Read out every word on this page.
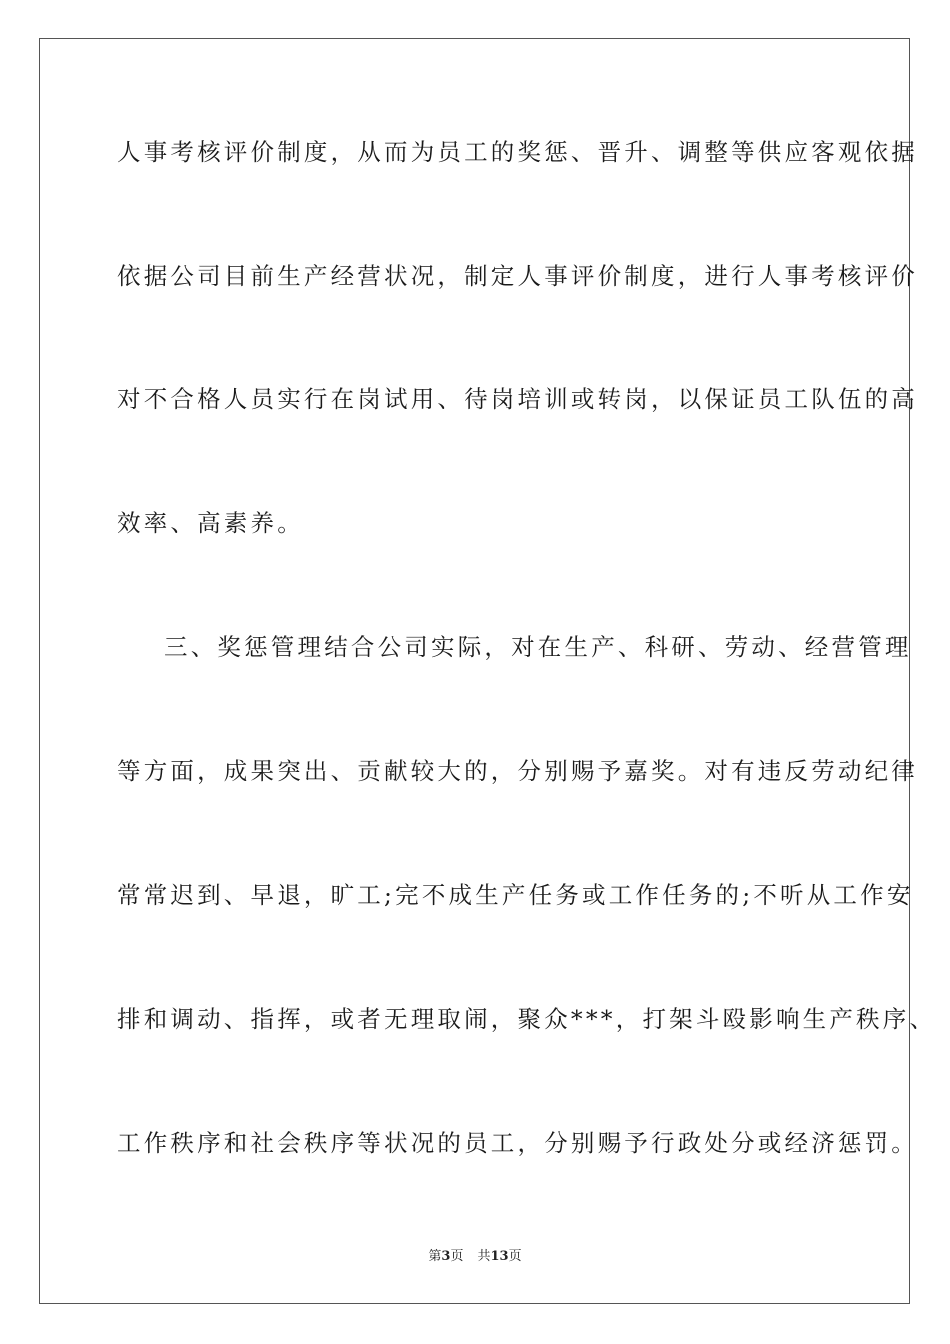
人事考核评价制度，从而为员工的奖惩、晋升、调整等供应客观依据
依据公司目前生产经营状况，制定人事评价制度，进行人事考核评价
对不合格人员实行在岗试用、待岗培训或转岗，以保证员工队伍的高
效率、高素养。
三、奖惩管理结合公司实际，对在生产、科研、劳动、经营管理
等方面，成果突出、贡献较大的，分别赐予嘉奖。对有违反劳动纪律
常常迟到、早退，旷工;完不成生产任务或工作任务的;不听从工作安
排和调动、指挥，或者无理取闹，聚众***，打架斗殴影响生产秩序、
工作秩序和社会秩序等状况的员工，分别赐予行政处分或经济惩罚。
第3页 共13页
